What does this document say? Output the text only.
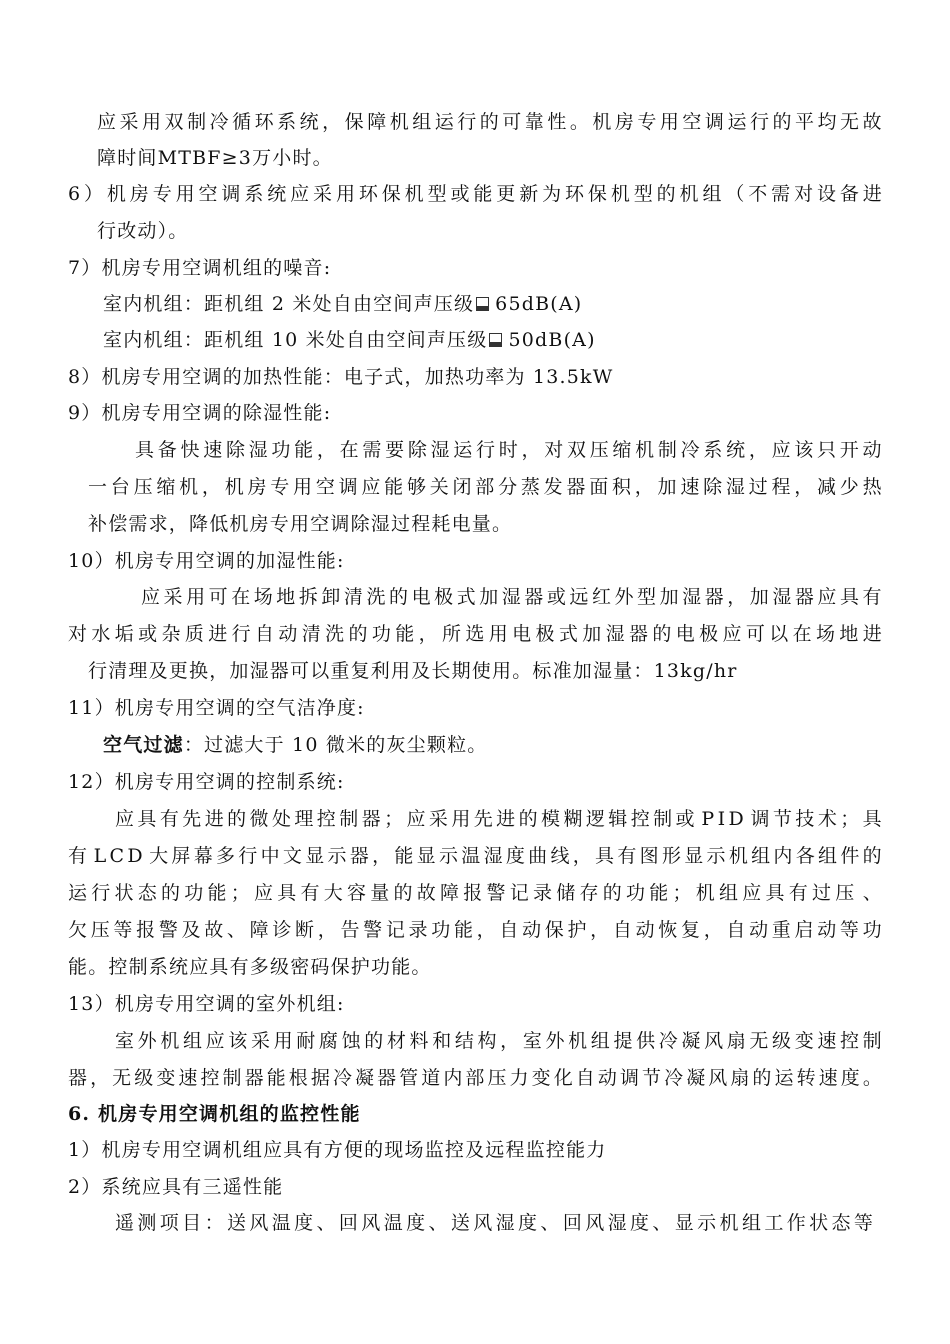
应 采 用 双 制 冷 循 环 系 统 ， 保 障 机 组 运 行 的 可 靠 性 。 机 房 专 用 空 调 运 行 的 平 均 无 故
障时间MTBF≥3万小时。
6 ） 机 房 专 用 空 调 系 统 应 采 用 环 保 机 型 或 能 更 新 为 环 保 机 型 的 机 组 （ 不 需 对 设 备 进
行改动）。
7）机房专用空调机组的噪音:
室内机组：距机组 2 米处自由空间声压级 65dB(A)
室内机组：距机组 10 米处自由空间声压级 50dB(A)
8）机房专用空调的加热性能：电子式，加热功率为 13.5kW
9）机房专用空调的除湿性能:
具 备 快 速 除 湿 功 能 ， 在 需 要 除 湿 运 行 时 ， 对 双 压 缩 机 制 冷 系 统 ， 应 该 只 开 动
一 台 压 缩 机 ， 机 房 专 用 空 调 应 能 够 关 闭 部 分 蒸 发 器 面 积 ， 加 速 除 湿 过 程 ， 减 少 热
补偿需求，降低机房专用空调除湿过程耗电量。
10）机房专用空调的加湿性能:
应 采 用 可 在 场 地 拆 卸 清 洗 的 电 极 式 加 湿 器 或 远 红 外 型 加 湿 器 ， 加 湿 器 应 具 有
对 水 垢 或 杂 质 进 行 自 动 清 洗 的 功 能 ， 所 选 用 电 极 式 加 湿 器 的 电 极 应 可 以 在 场 地 进
行清理及更换，加湿器可以重复利用及长期使用。标准加湿量：13kg/hr
11）机房专用空调的空气洁净度:
空气过滤：过滤大于 10 微米的灰尘颗粒。
12）机房专用空调的控制系统:
应 具 有 先 进 的 微 处 理 控 制 器 ； 应 采 用 先 进 的 模 糊 逻 辑 控 制 或 P I D 调 节 技 术 ； 具
有 L C D 大 屏 幕 多 行 中 文 显 示 器 ， 能 显 示 温 湿 度 曲 线 ， 具 有 图 形 显 示 机 组 内 各 组 件 的
运 行 状 态 的 功 能 ； 应 具 有 大 容 量 的 故 障 报 警 记 录 储 存 的 功 能 ； 机 组 应 具 有 过 压 、
欠 压 等 报 警 及 故 、 障 诊 断 ， 告 警 记 录 功 能 ， 自 动 保 护 ， 自 动 恢 复 ， 自 动 重 启 动 等 功
能。控制系统应具有多级密码保护功能。
13）机房专用空调的室外机组:
室 外 机 组 应 该 采 用 耐 腐 蚀 的 材 料 和 结 构 ， 室 外 机 组 提 供 冷 凝 风 扇 无 级 变 速 控 制
器 ， 无 级 变 速 控 制 器 能 根 据 冷 凝 器 管 道 内 部 压 力 变 化 自 动 调 节 冷 凝 风 扇 的 运 转 速 度 。
6. 机房专用空调机组的监控性能
1）机房专用空调机组应具有方便的现场监控及远程监控能力
2）系统应具有三遥性能
遥 测 项 目 ： 送 风 温 度 、 回 风 温 度 、 送 风 湿 度 、 回 风 湿 度 、 显 示 机 组 工 作 状 态 等
